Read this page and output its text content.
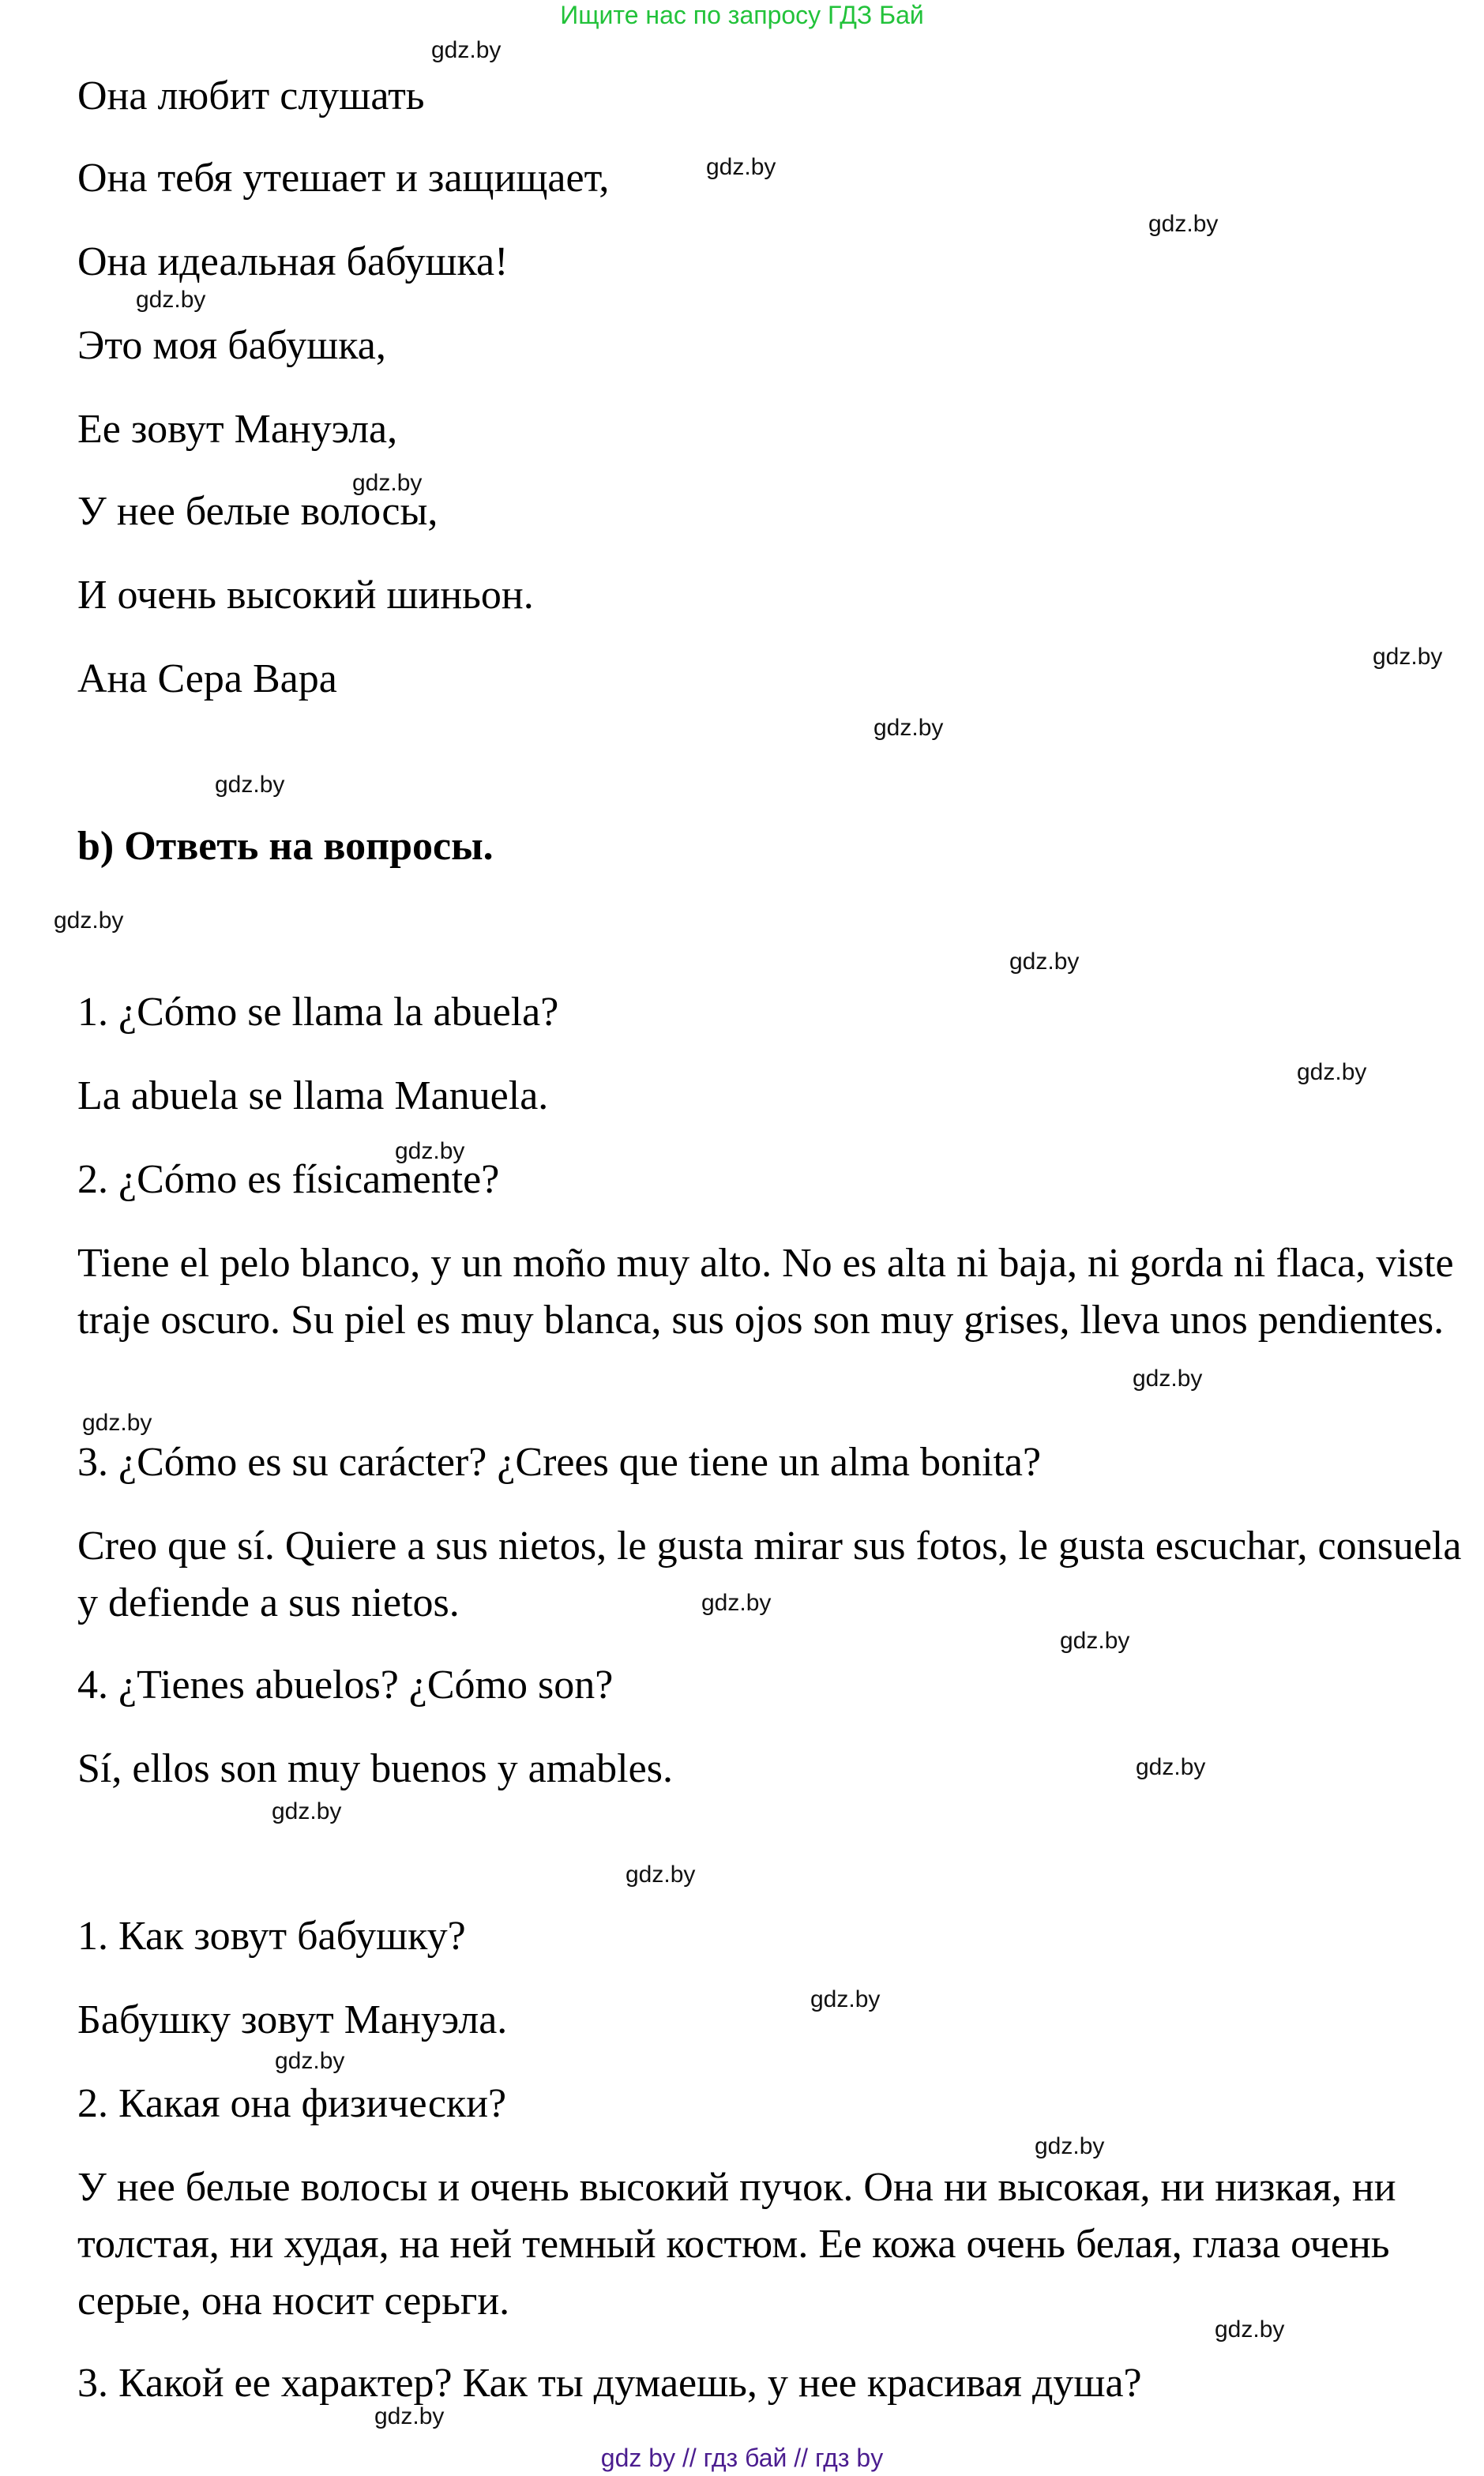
Ищите нас по запросу ГДЗ Бай
Она любит слушать
Она тебя утешает и защищает,
Она идеальная бабушка!
Это моя бабушка,
Ее зовут Мануэла,
У нее белые волосы,
И очень высокий шиньон.
Ана Сера Вара
b) Ответь на вопросы.
1. ¿Cómo se llama la abuela?
La abuela se llama Manuela.
2. ¿Cómo es físicamente?
Tiene el pelo blanco, y un moño muy alto. No es alta ni baja, ni gorda ni flaca, viste traje oscuro. Su piel es muy blanca, sus ojos son muy grises, lleva unos pendientes.
3. ¿Cómo es su carácter? ¿Crees que tiene un alma bonita?
Creo que sí. Quiere a sus nietos, le gusta mirar sus fotos, le gusta escuchar, consuela y defiende a sus nietos.
4. ¿Tienes abuelos? ¿Cómo son?
Sí, ellos son muy buenos y amables.
1. Как зовут бабушку?
Бабушку зовут Мануэла.
2. Какая она физически?
У нее белые волосы и очень высокий пучок. Она ни высокая, ни низкая, ни толстая, ни худая, на ней темный костюм. Ее кожа очень белая, глаза очень серые, она носит серьги.
3. Какой ее характер? Как ты думаешь, у нее красивая душа?
gdz.by
gdz.by
gdz.by
gdz.by
gdz.by
gdz.by
gdz.by
gdz.by
gdz.by
gdz.by
gdz.by
gdz.by
gdz.by
gdz.by
gdz.by
gdz.by
gdz.by
gdz.by
gdz.by
gdz.by
gdz.by
gdz.by
gdz.by
gdz.by
gdz by // гдз бай // гдз by
